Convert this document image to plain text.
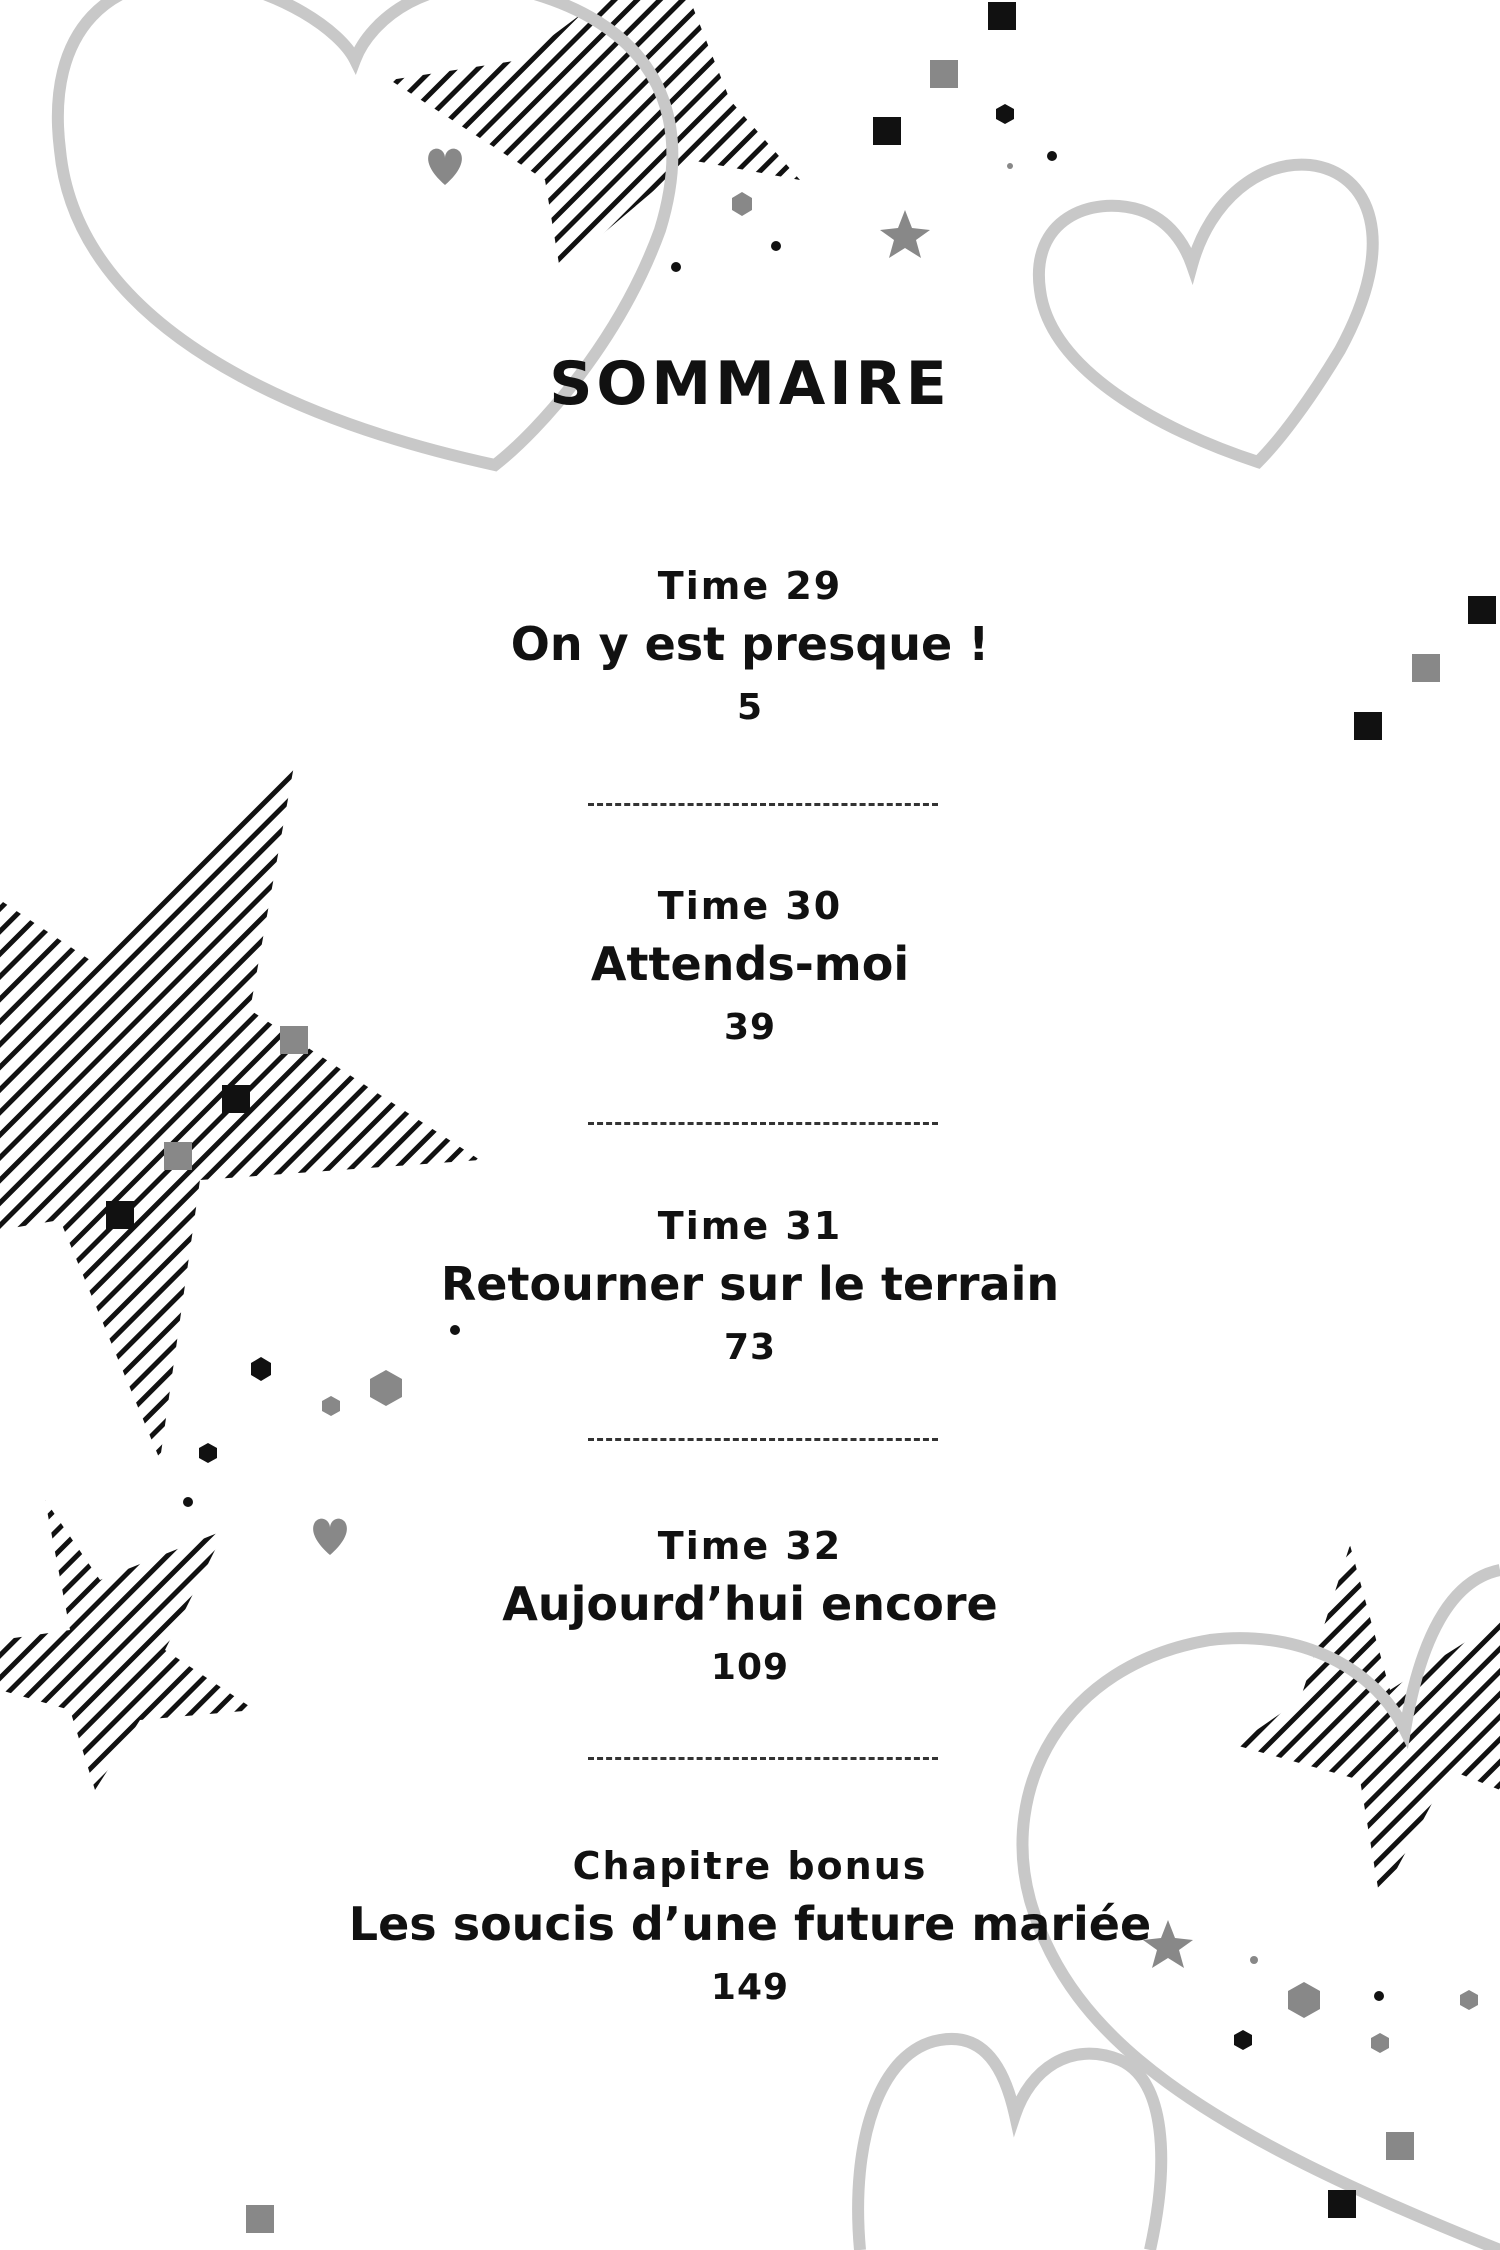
SOMMAIRE
Time 29
On y est presque !
5
Time 30
Attends-moi
39
Time 31
Retourner sur le terrain
73
Time 32
Aujourd’hui encore
109
Chapitre bonus
Les soucis d’une future mariée
149
